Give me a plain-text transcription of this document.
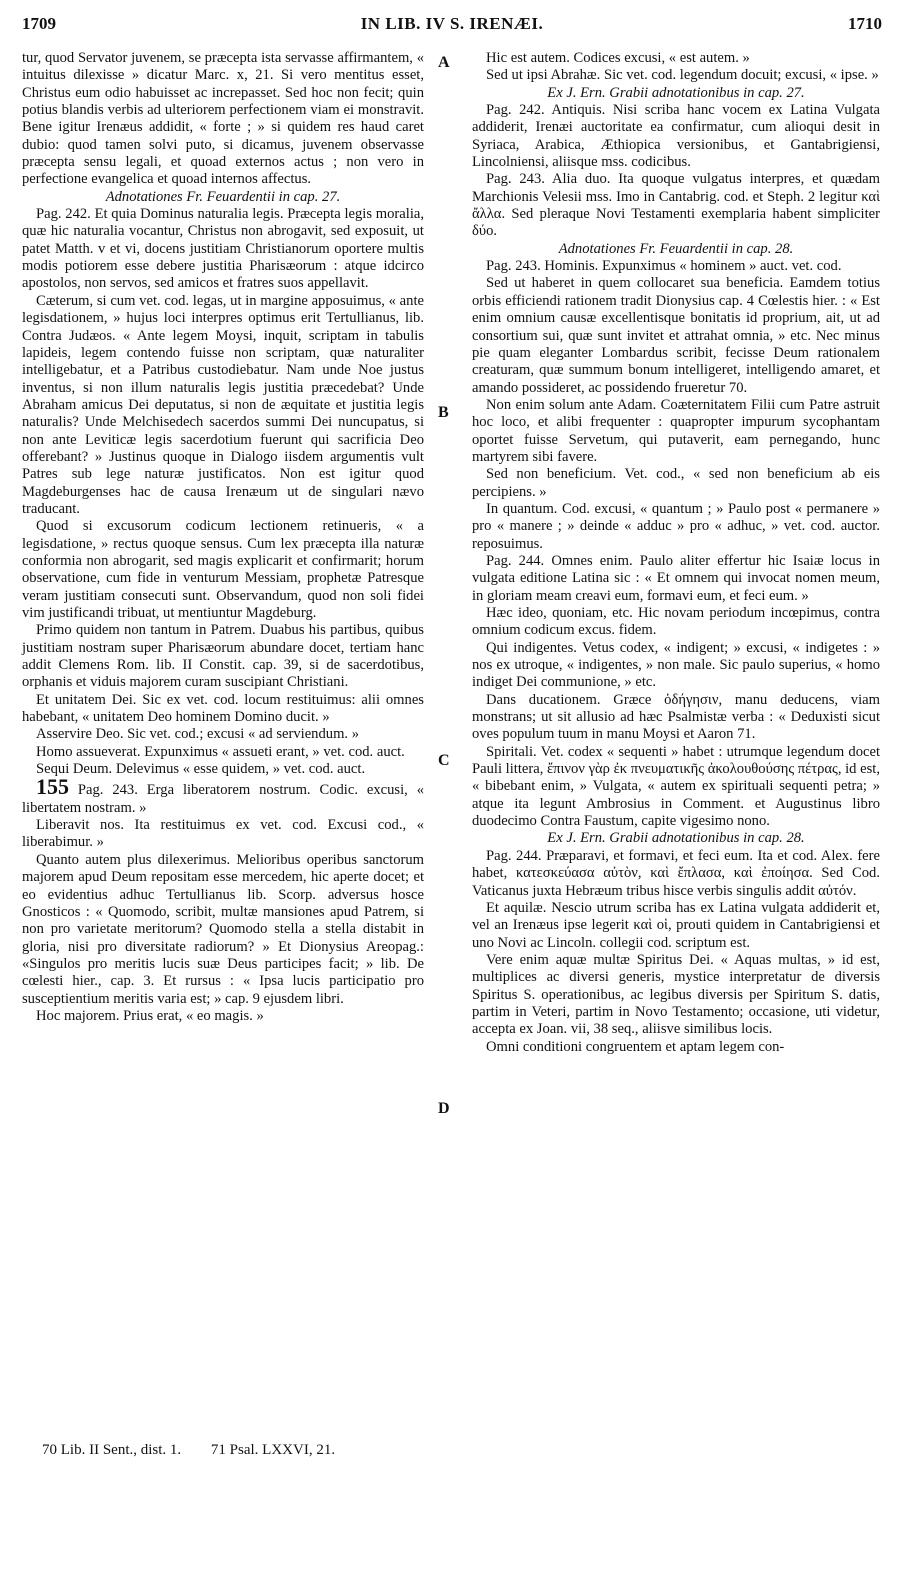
1709	IN LIB. IV S. IRENÆI.	1710

tur, quod Servator juvenem, se præcepta ista servasse affirmantem, « intuitus dilexisse » dicatur Marc. x, 21. Si vero mentitus esset, Christus eum odio habuisset ac increpasset. Sed hoc non fecit; quin potius blandis verbis ad ulteriorem perfectionem viam ei monstravit. Bene igitur Irenæus addidit, « forte ; » si quidem res haud caret dubio: quod tamen solvi puto, si dicamus, juvenem observasse præcepta sensu legali, et quoad externos actus ; non vero in perfectione evangelica et quoad internos affectus.

Adnotationes Fr. Feuardentii in cap. 27.

Pag. 242. Et quia Dominus naturalia legis. Præcepta legis moralia, quæ hic naturalia vocantur, Christus non abrogavit, sed exposuit, ut patet Matth. v et vi, docens justitiam Christianorum oportere multis modis potiorem esse debere justitia Pharisæorum : atque idcirco apostolos, non servos, sed amicos et fratres suos appellavit.

Cæterum, si cum vet. cod. legas, ut in margine apposuimus, « ante legisdationem, » hujus loci interpres optimus erit Tertullianus, lib. Contra Judæos. « Ante legem Moysi, inquit, scriptam in tabulis lapideis, legem contendo fuisse non scriptam, quæ naturaliter intelligebatur, et a Patribus custodiebatur. Nam unde Noe justus inventus, si non illum naturalis legis justitia præcedebat? Unde Abraham amicus Dei deputatus, si non de æquitate et justitia legis naturalis? Unde Melchisedech sacerdos summi Dei nuncupatus, si non ante Leviticæ legis sacerdotium fuerunt qui sacrificia Deo offerebant? » Justinus quoque in Dialogo iisdem argumentis vult Patres sub lege naturæ justificatos. Non est igitur quod Magdeburgenses hac de causa Irenæum ut de singulari nævo traducant.

Quod si excusorum codicum lectionem retinueris, « a legisdatione, » rectus quoque sensus. Cum lex præcepta illa naturæ conformia non abrogarit, sed magis explicarit et confirmarit; horum observatione, cum fide in venturum Messiam, prophetæ Patresque veram justitiam consecuti sunt. Observandum, quod non soli fidei vim justificandi tribuat, ut mentiuntur Magdeburg.

Primo quidem non tantum in Patrem. Duabus his partibus, quibus justitiam nostram super Pharisæorum abundare docet, tertiam hanc addit Clemens Rom. lib. II Constit. cap. 39, si de sacerdotibus, orphanis et viduis majorem curam suscipiant Christiani.

Et unitatem Dei. Sic ex vet. cod. locum restituimus: alii omnes habebant, « unitatem Deo hominem Domino ducit. »

Asservire Deo. Sic vet. cod.; excusi « ad serviendum. »

Homo assueverat. Expunximus « assueti erant, » vet. cod. auct.

Sequi Deum. Delevimus « esse quidem, » vet. cod. auct.

155 Pag. 243. Erga liberatorem nostrum. Codic. excusi, « libertatem nostram. »

Liberavit nos. Ita restituimus ex vet. cod. Excusi cod., « liberabimur. »

Quanto autem plus dilexerimus. Melioribus operibus sanctorum majorem apud Deum repositam esse mercedem, hic aperte docet; et eo evidentius adhuc Tertullianus lib. Scorp. adversus hosce Gnosticos : « Quomodo, scribit, multæ mansiones apud Patrem, si non pro varietate meritorum? Quomodo stella a stella distabit in gloria, nisi pro diversitate radiorum? » Et Dionysius Areopag.: «Singulos pro meritis lucis suæ Deus participes facit; » lib. De cœlesti hier., cap. 3. Et rursus : « Ipsa lucis participatio pro susceptientium meritis varia est; » cap. 9 ejusdem libri.

Hoc majorem. Prius erat, « eo magis. »

Hic est autem. Codices excusi, « est autem. »

Sed ut ipsi Abrahæ. Sic vet. cod. legendum docuit; excusi, « ipse. »

Ex J. Ern. Grabii adnotationibus in cap. 27.

Pag. 242. Antiquis. Nisi scriba hanc vocem ex Latina Vulgata addiderit, Irenæi auctoritate ea confirmatur, cum alioqui desit in Syriaca, Arabica, Æthiopica versionibus, et Gantabrigiensi, Lincolniensi, aliisque mss. codicibus.

Pag. 243. Alia duo. Ita quoque vulgatus interpres, et quædam Marchionis Velesii mss. Imo in Cantabrig. cod. et Steph. 2 legitur καὶ ἄλλα. Sed pleraque Novi Testamenti exemplaria habent simpliciter δύο.

Adnotationes Fr. Feuardentii in cap. 28.

Pag. 243. Hominis. Expunximus « hominem » auct. vet. cod.

Sed ut haberet in quem collocaret sua beneficia. Eamdem totius orbis efficiendi rationem tradit Dionysius cap. 4 Cœlestis hier. : « Est enim omnium causæ excellentisque bonitatis id proprium, ait, ut ad consortium sui, quæ sunt invitet et attrahat omnia, » etc. Nec minus pie quam eleganter Lombardus scribit, fecisse Deum rationalem creaturam, quæ summum bonum intelligeret, intelligendo amaret, et amando possideret, ac possidendo frueretur 70.

Non enim solum ante Adam. Coæternitatem Filii cum Patre astruit hoc loco, et alibi frequenter : quapropter impurum sycophantam oportet fuisse Servetum, qui putaverit, eam pernegando, hunc martyrem sibi favere.

Sed non beneficium. Vet. cod., « sed non beneficium ab eis percipiens. »

In quantum. Cod. excusi, « quantum ; » Paulo post « permanere » pro « manere ; » deinde « adduc » pro « adhuc, » vet. cod. auctor. reposuimus.

Pag. 244. Omnes enim. Paulo aliter effertur hic Isaiæ locus in vulgata editione Latina sic : « Et omnem qui invocat nomen meum, in gloriam meam creavi eum, formavi eum, et feci eum. »

Hæc ideo, quoniam, etc. Hic novam periodum incœpimus, contra omnium codicum excus. fidem.

Qui indigentes. Vetus codex, « indigent; » excusi, « indigetes : » nos ex utroque, « indigentes, » non male. Sic paulo superius, « homo indiget Dei communione, » etc.

Dans ducationem. Græce ὁδήγησιν, manu deducens, viam monstrans; ut sit allusio ad hæc Psalmistæ verba : « Deduxisti sicut oves populum tuum in manu Moysi et Aaron 71.

Spiritali. Vet. codex « sequenti » habet : utrumque legendum docet Pauli littera, ἔπινον γὰρ ἐκ πνευματικῆς ἀκολουθούσης πέτρας, id est, « bibebant enim, » Vulgata, « autem ex spirituali sequenti petra; » atque ita legunt Ambrosius in Comment. et Augustinus libro duodecimo Contra Faustum, capite vigesimo nono.

Ex J. Ern. Grabii adnotationibus in cap. 28.

Pag. 244. Præparavi, et formavi, et feci eum. Ita et cod. Alex. fere habet, κατεσκεύασα αὐτὸν, καὶ ἔπλασα, καὶ ἐποίησα. Sed Cod. Vaticanus juxta Hebræum tribus hisce verbis singulis addit αὐτόν.

Et aquilæ. Nescio utrum scriba has ex Latina vulgata addiderit et, vel an Irenæus ipse legerit καὶ οἱ, prouti quidem in Cantabrigiensi et uno Novi ac Lincoln. collegii cod. scriptum est.

Vere enim aquæ multæ Spiritus Dei. « Aquas multas, » id est, multiplices ac diversi generis, mystice interpretatur de diversis Spiritus S. operationibus, ac legibus diversis per Spiritum S. datis, partim in Veteri, partim in Novo Testamento; occasione, uti videtur, accepta ex Joan. vii, 38 seq., aliisve similibus locis.

Omni conditioni congruentem et aptam legem con-

A
B
C
D
70 Lib. II Sent., dist. 1. 71 Psal. LXXVI, 21.
